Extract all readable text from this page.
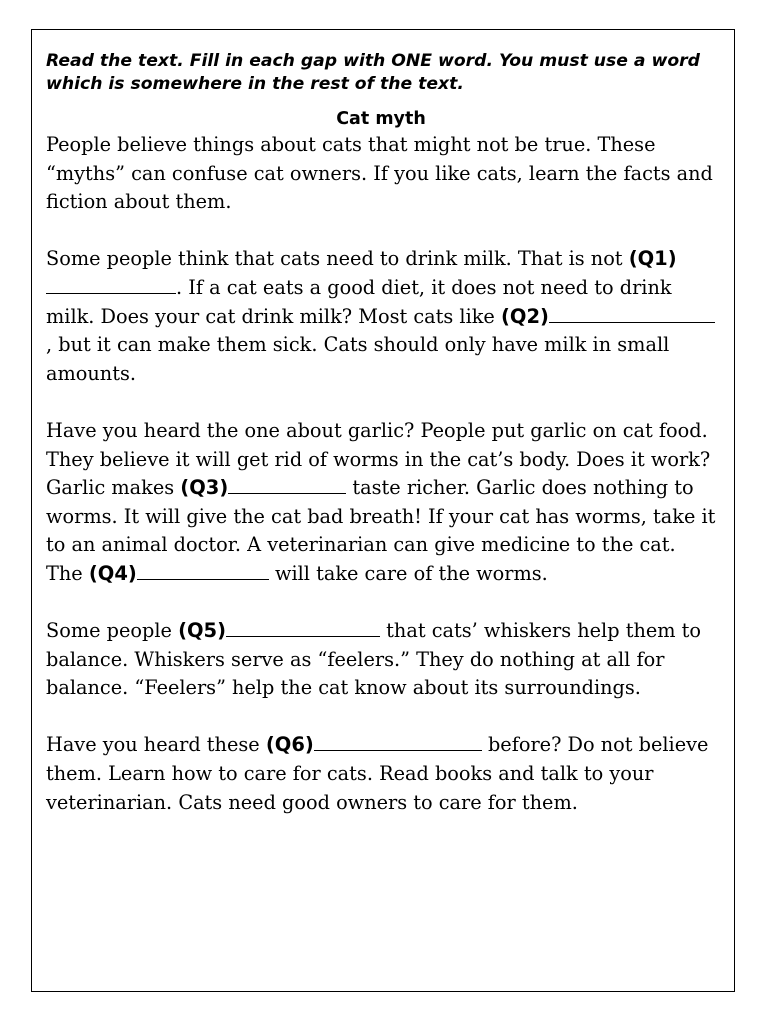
Read the text. Fill in each gap with ONE word. You must use a word which is somewhere in the rest of the text.

Cat myth

People believe things about cats that might not be true. These “myths” can confuse cat owners. If you like cats, learn the facts and fiction about them.

Some people think that cats need to drink milk. That is not (Q1). If a cat eats a good diet, it does not need to drink milk. Does your cat drink milk? Most cats like (Q2), but it can make them sick. Cats should only have milk in small amounts.

Have you heard the one about garlic? People put garlic on cat food. They believe it will get rid of worms in the cat’s body. Does it work? Garlic makes (Q3)	taste richer. Garlic does nothing to worms. It will give the cat bad breath! If your cat has worms, take it to an animal doctor. A veterinarian can give medicine to the cat. The (Q4)	will take care of the worms.

Some people (Q5)	that cats’ whiskers help them to balance. Whiskers serve as “feelers.” They do nothing at all for balance. “Feelers” help the cat know about its surroundings.

Have you heard these (Q6)	before? Do not believe them. Learn how to care for cats. Read books and talk to your veterinarian. Cats need good owners to care for them.
